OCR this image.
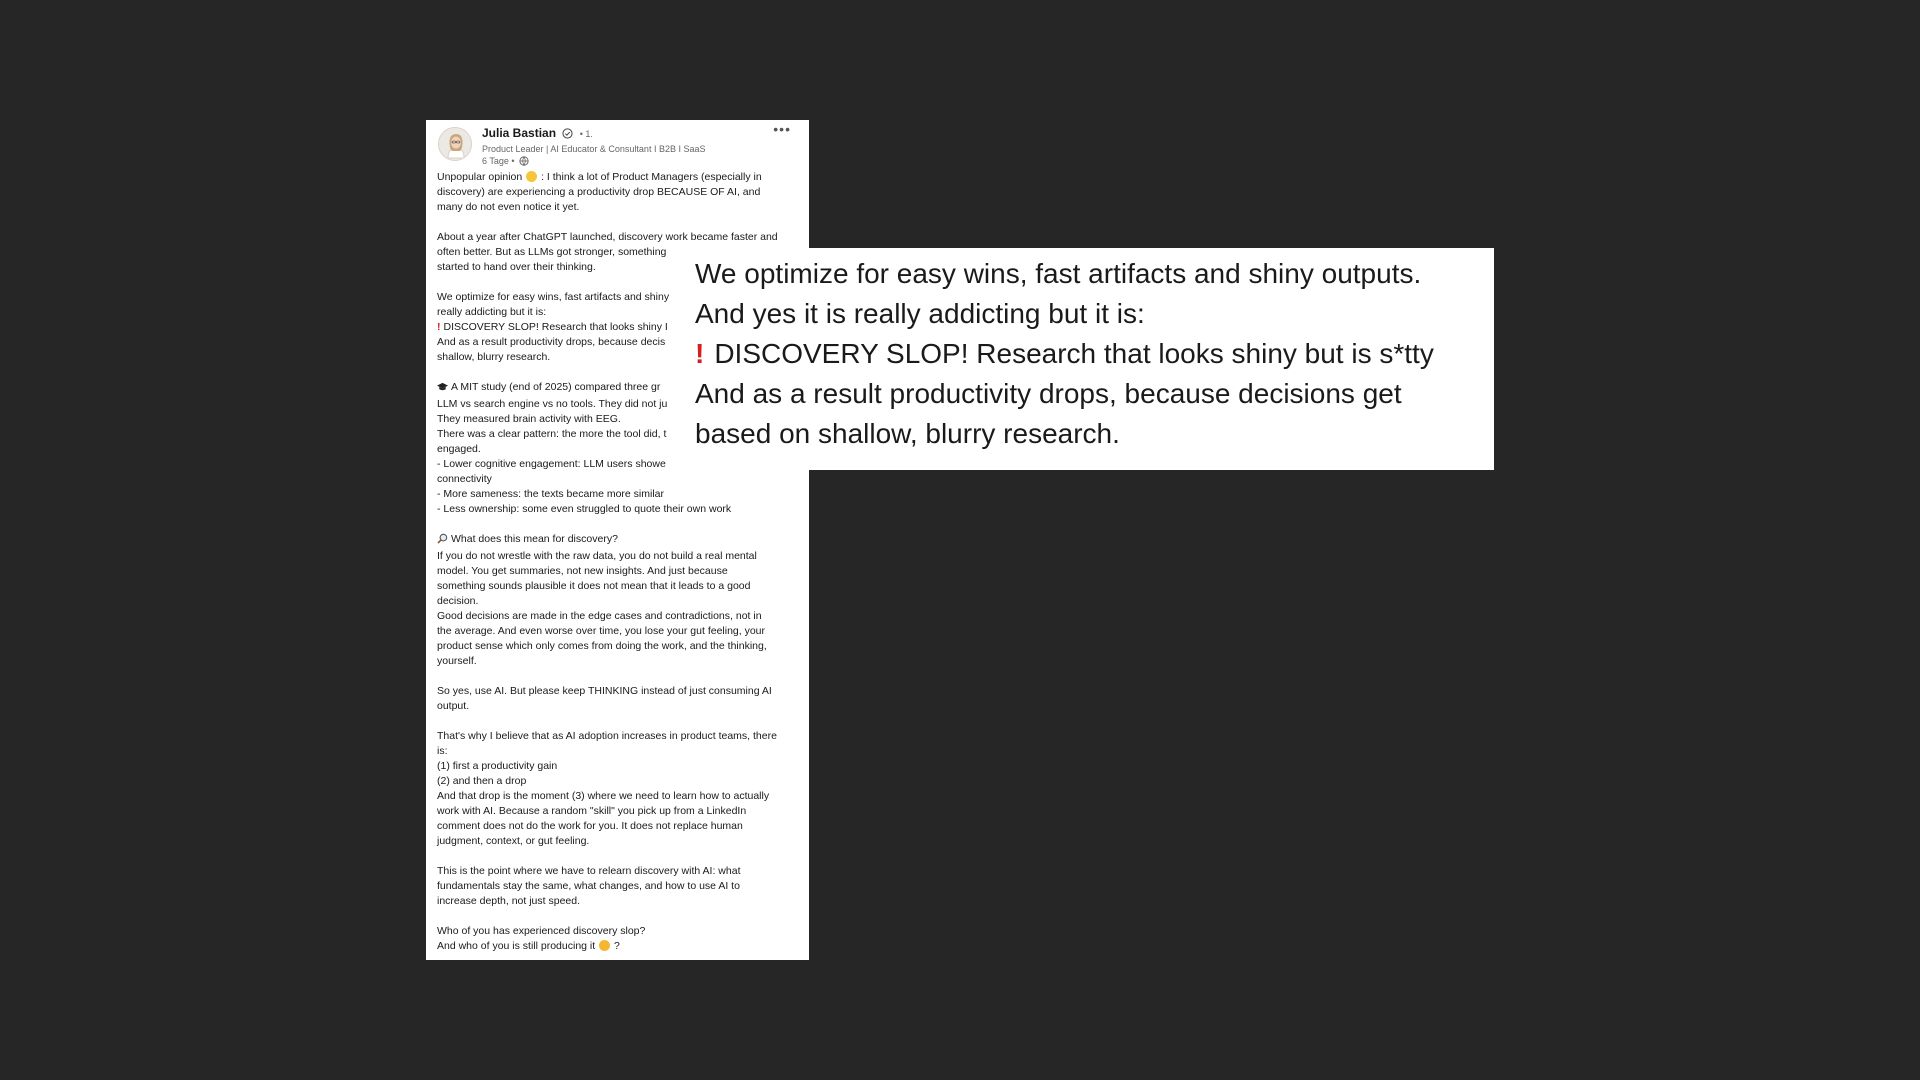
Julia Bastian	• 1.
Product Leader | AI Educator & Consultant I B2B I SaaS
6 Tage •
•••

Unpopular opinion : I think a lot of Product Managers (especially in
discovery) are experiencing a productivity drop BECAUSE OF AI, and
many do not even notice it yet.

About a year after ChatGPT launched, discovery work became faster and
often better. But as LLMs got stronger, something
started to hand over their thinking.

We optimize for easy wins, fast artifacts and shiny
really addicting but it is:
! DISCOVERY SLOP! Research that looks shiny I
And as a result productivity drops, because decis
shallow, blurry research.

A MIT study (end of 2025) compared three gr
LLM vs search engine vs no tools. They did not ju
They measured brain activity with EEG.
There was a clear pattern: the more the tool did, t
engaged.
- Lower cognitive engagement: LLM users showe
connectivity
- More sameness: the texts became more similar
- Less ownership: some even struggled to quote their own work

What does this mean for discovery?
If you do not wrestle with the raw data, you do not build a real mental
model. You get summaries, not new insights. And just because
something sounds plausible it does not mean that it leads to a good
decision.
Good decisions are made in the edge cases and contradictions, not in
the average. And even worse over time, you lose your gut feeling, your
product sense which only comes from doing the work, and the thinking,
yourself.

So yes, use AI. But please keep THINKING instead of just consuming AI
output.

That's why I believe that as AI adoption increases in product teams, there
is:
(1) first a productivity gain
(2) and then a drop
And that drop is the moment (3) where we need to learn how to actually
work with AI. Because a random "skill" you pick up from a LinkedIn
comment does not do the work for you. It does not replace human
judgment, context, or gut feeling.

This is the point where we have to relearn discovery with AI: what
fundamentals stay the same, what changes, and how to use AI to
increase depth, not just speed.

Who of you has experienced discovery slop?
And who of you is still producing it ?

We optimize for easy wins, fast artifacts and shiny outputs.
And yes it is really addicting but it is:
! DISCOVERY SLOP! Research that looks shiny but is s*tty
And as a result productivity drops, because decisions get
based on shallow, blurry research.
